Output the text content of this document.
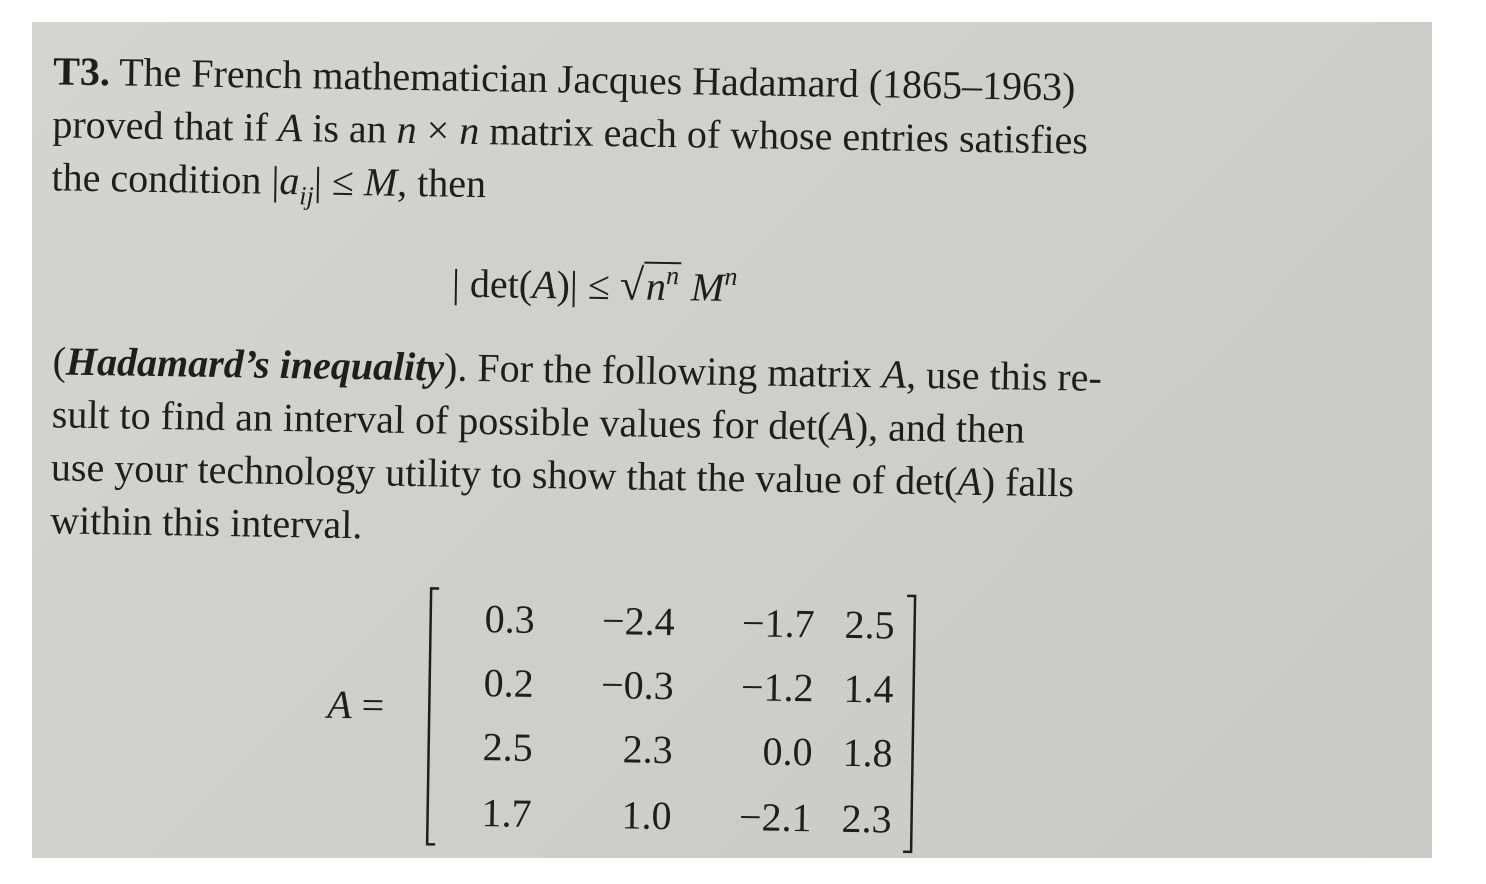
T3. The French mathematician Jacques Hadamard (1865–1963)
proved that if A is an n × n matrix each of whose entries satisfies
the condition $|a_{ij}| \le M$, then
| $\det(A)| \le √n^n$ $M^n$
(Hadamard’s inequality). For the following matrix A, use this re-
sult to find an interval of possible values for det(A), and then
use your technology utility to show that the value of det(A) falls
within this interval.
A =
0.3	−2.4	−1.7 2.5
0.2	−0.3	−1.2 1.4
2.5	2.3	0.0 1.8
1.7	1.0	−2.1 2.3
